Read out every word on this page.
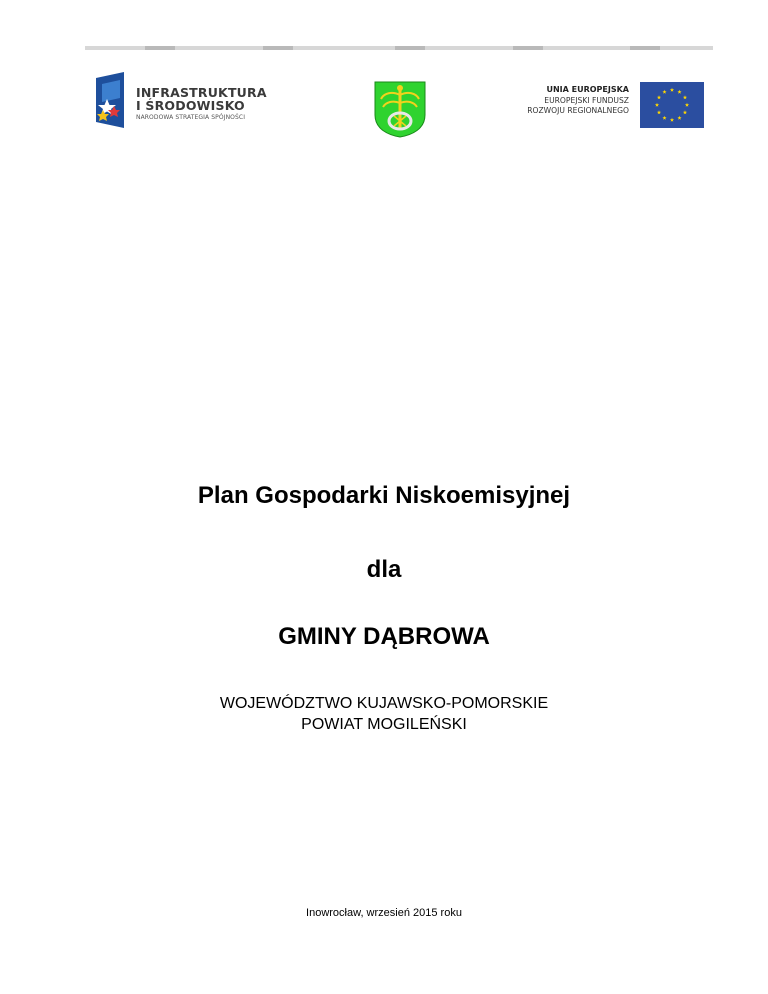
INFRASTRUKTURA
I ŚRODOWISKO
NARODOWA STRATEGIA SPÓJNOŚCI
UNIA EUROPEJSKA
EUROPEJSKI FUNDUSZ
ROZWOJU REGIONALNEGO
Plan Gospodarki Niskoemisyjnej
dla
GMINY DĄBROWA
WOJEWÓDZTWO KUJAWSKO-POMORSKIE
POWIAT MOGILEŃSKI
Inowrocław, wrzesień 2015 roku
